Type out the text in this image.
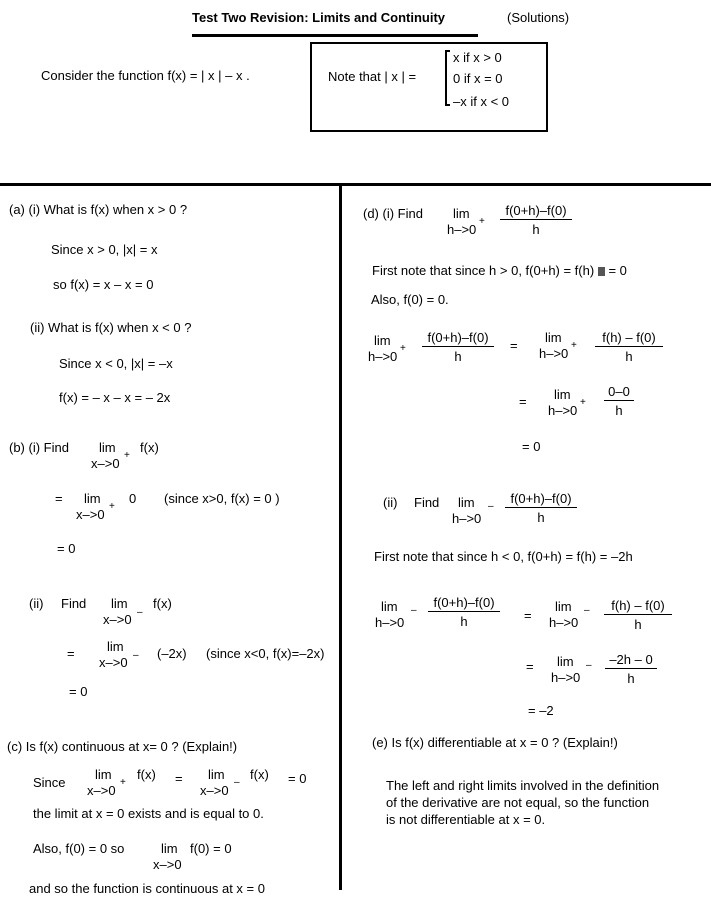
Test Two Revision: Limits and Continuity	(Solutions)
Consider the function f(x) = | x | – x .	Note that | x | =
x if x > 0
0 if x = 0
–x if x < 0
(a) (i) What is f(x) when x > 0 ?
Since x > 0, |x| = x
so f(x) = x – x = 0
(ii) What is f(x) when x < 0 ?
Since x < 0, |x| = –x
f(x) = – x – x = – 2x
(b) (i) Find lim
x–>0
+
f(x)
= lim
x–>0
+
0 (since x>0, f(x) = 0 )
= 0
(ii) Find lim
x–>0 –
f(x)
= lim
x–>0 – (–2x) (since x<0, f(x)=–2x)
= 0
(c) Is f(x) continuous at x= 0 ? (Explain!)
Since
lim
x–>0
+
f(x) = lim
x–>0
–
f(x) = 0
the limit at x = 0 exists and is equal to 0.
Also, f(0) = 0 so	lim
x–>0
f(0) = 0
and so the function is continuous at x = 0
(d) (i) Find lim
h–>0
+
f(0+h)–f(0)
h
First note that since h > 0, f(0+h) = f(h) = 0
Also, f(0) = 0.
lim
h–>0
+
f(0+h)–f(0)
h
=
lim
h–>0
+
f(h) – f(0)
h
= lim
h–>0
+
0–0
h
= 0
(ii) Find lim
h–>0
–
f(0+h)–f(0)
h
First note that since h < 0, f(0+h) = f(h) = –2h
lim
h–>0
–
f(0+h)–f(0)
h	=
lim
h–>0
–	f(h) – f(0)
h
= lim
h–>0
–	–2h – 0
h
= –2
(e) Is f(x) differentiable at x = 0 ? (Explain!)
The left and right limits involved in the definition
of the derivative are not equal, so the function
is not differentiable at x = 0.
